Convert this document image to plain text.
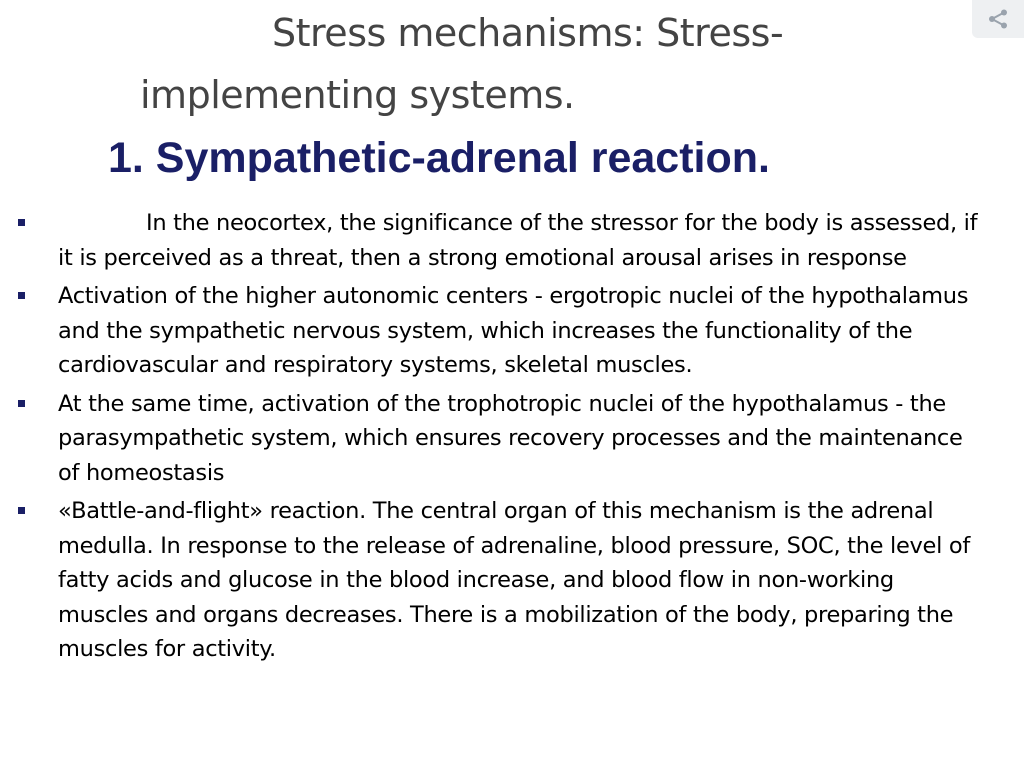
Stress mechanisms: Stress-
implementing systems.
1. Sympathetic-adrenal reaction.
In the neocortex, the significance of the stressor for the body is assessed, if it is perceived as a threat, then a strong emotional arousal arises in response
Activation of the higher autonomic centers - ergotropic nuclei of the hypothalamus and the sympathetic nervous system, which increases the functionality of the cardiovascular and respiratory systems, skeletal muscles.
At the same time, activation of the trophotropic nuclei of the hypothalamus - the parasympathetic system, which ensures recovery processes and the maintenance of homeostasis
«Battle-and-flight» reaction. The central organ of this mechanism is the adrenal medulla. In response to the release of adrenaline, blood pressure, SOC, the level of fatty acids and glucose in the blood increase, and blood flow in non-working muscles and organs decreases. There is a mobilization of the body, preparing the muscles for activity.
